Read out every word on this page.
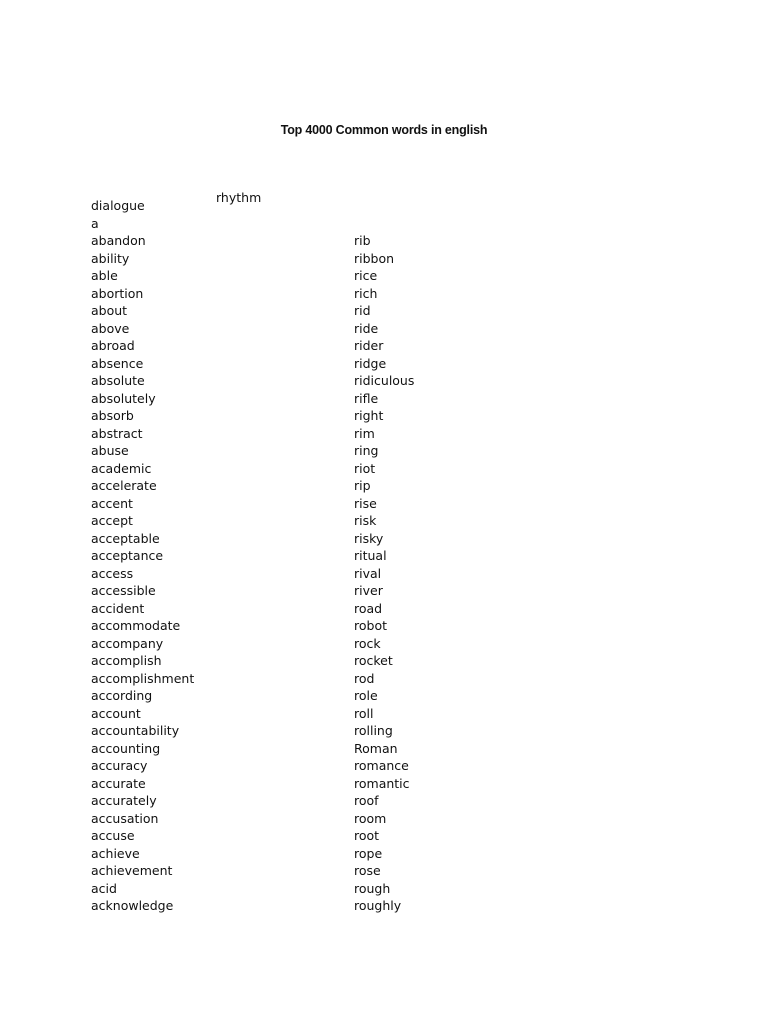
Top 4000 Common words in english
rhythm
dialogue
a
abandon
ability
able
abortion
about
above
abroad
absence
absolute
absolutely
absorb
abstract
abuse
academic
accelerate
accent
accept
acceptable
acceptance
access
accessible
accident
accommodate
accompany
accomplish
accomplishment
according
account
accountability
accounting
accuracy
accurate
accurately
accusation
accuse
achieve
achievement
acid
acknowledge
rib
ribbon
rice
rich
rid
ride
rider
ridge
ridiculous
rifle
right
rim
ring
riot
rip
rise
risk
risky
ritual
rival
river
road
robot
rock
rocket
rod
role
roll
rolling
Roman
romance
romantic
roof
room
root
rope
rose
rough
roughly
